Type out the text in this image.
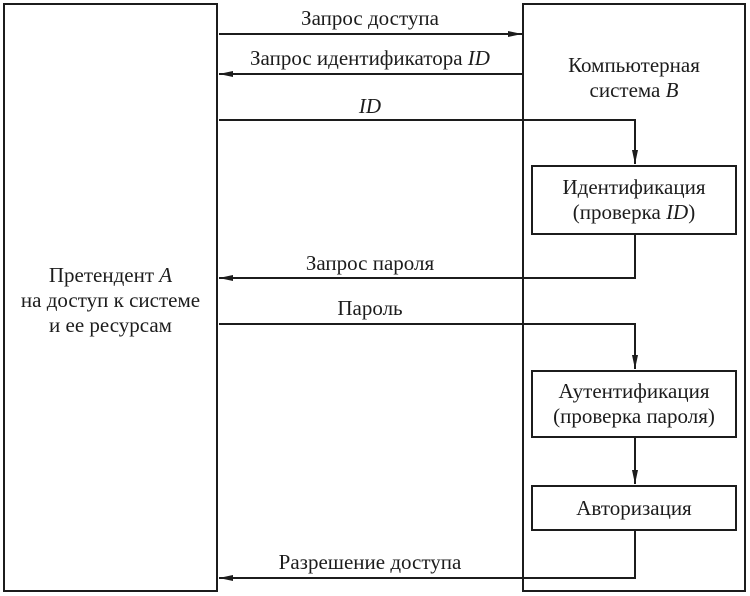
Претендент A
на доступ к системе
и ее ресурсам
Компьютерная
система B
Идентификация
(проверка ID)
Аутентификация
(проверка пароля)
Авторизация
Запрос доступа
Запрос идентификатора ID
ID
Запрос пароля
Пароль
Разрешение доступа
